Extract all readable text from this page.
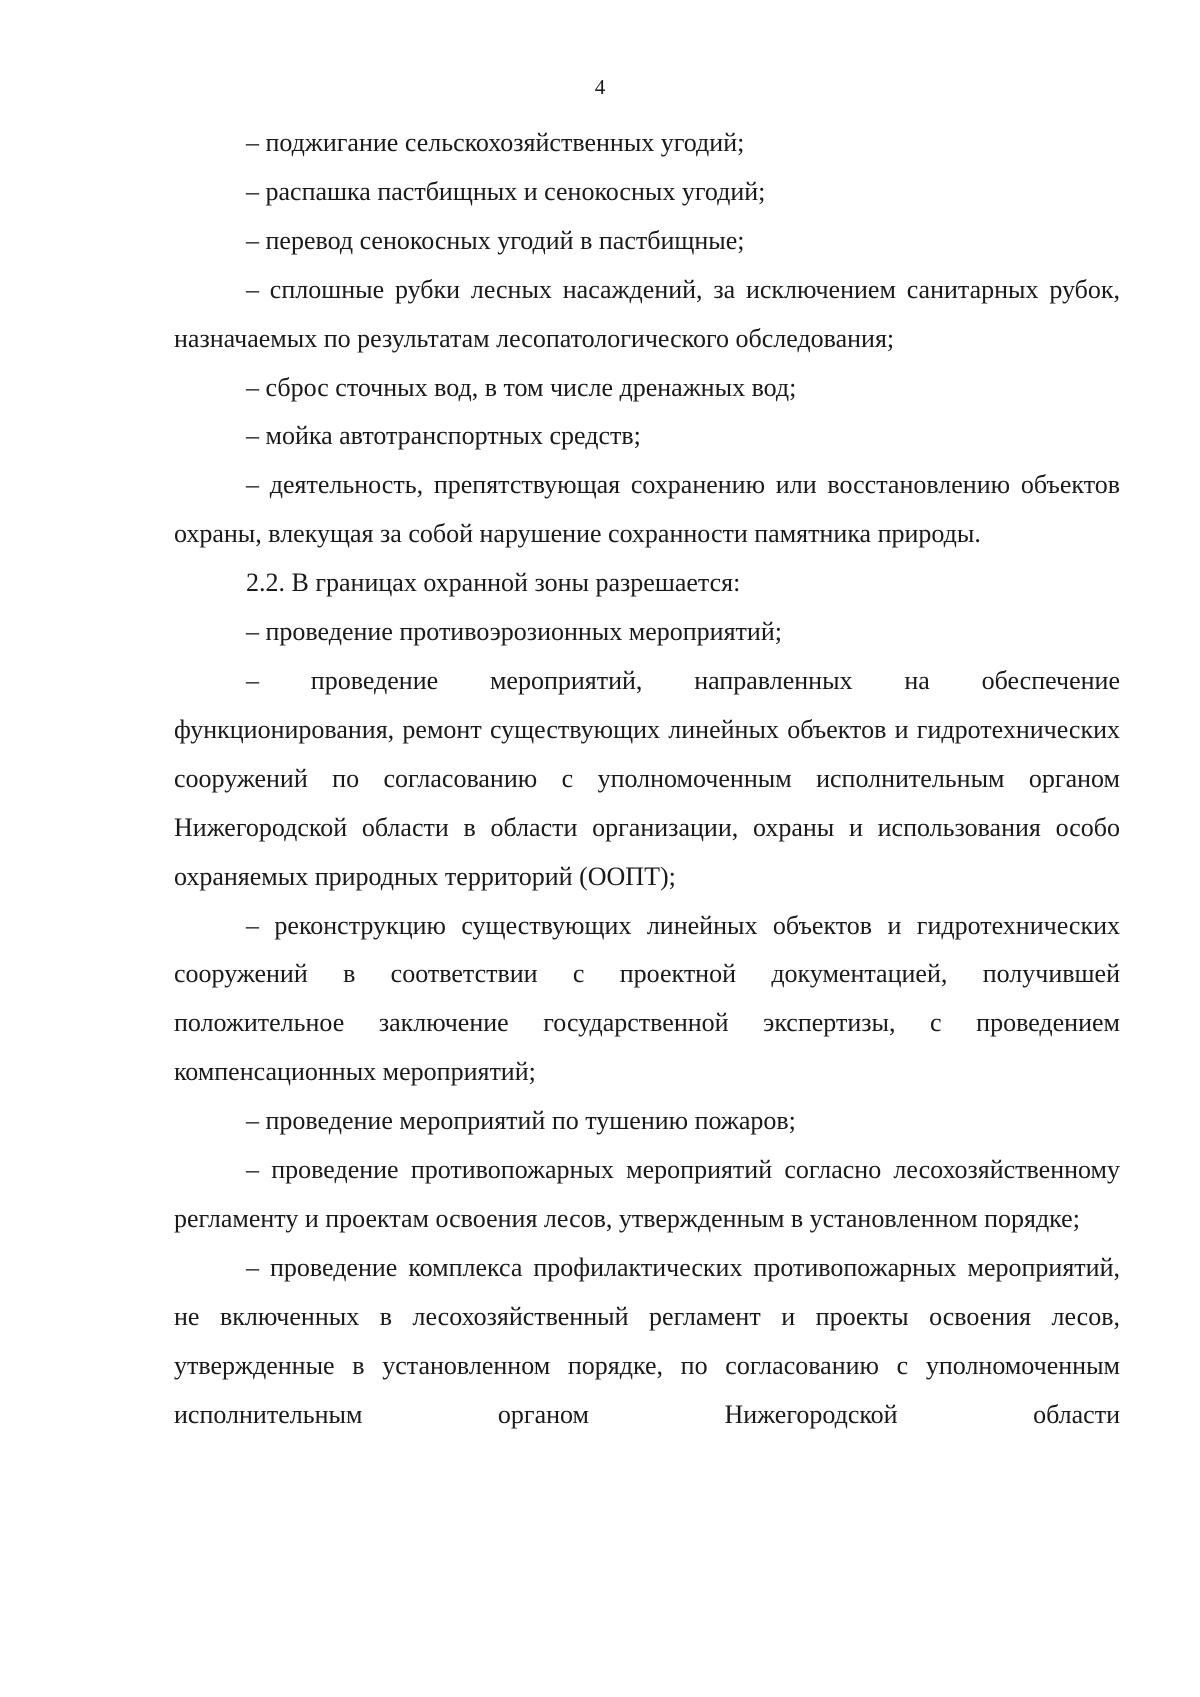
4

– поджигание сельскохозяйственных угодий;

– распашка пастбищных и сенокосных угодий;

– перевод сенокосных угодий в пастбищные;

– сплошные рубки лесных насаждений, за исключением санитарных рубок, назначаемых по результатам лесопатологического обследования;

– сброс сточных вод, в том числе дренажных вод;

– мойка автотранспортных средств;

– деятельность, препятствующая сохранению или восстановлению объектов охраны, влекущая за собой нарушение сохранности памятника природы.

2.2. В границах охранной зоны разрешается:

– проведение противоэрозионных мероприятий;

– проведение мероприятий, направленных на обеспечение функционирования, ремонт существующих линейных объектов и гидротехнических сооружений по согласованию с уполномоченным исполнительным органом Нижегородской области в области организации, охраны и использования особо охраняемых природных территорий (ООПТ);

– реконструкцию существующих линейных объектов и гидротехнических сооружений в соответствии с проектной документацией, получившей положительное заключение государственной экспертизы, с проведением компенсационных мероприятий;

– проведение мероприятий по тушению пожаров;

– проведение противопожарных мероприятий согласно лесохозяйственному регламенту и проектам освоения лесов, утвержденным в установленном порядке;

– проведение комплекса профилактических противопожарных мероприятий, не включенных в лесохозяйственный регламент и проекты освоения лесов, утвержденные в установленном порядке, по согласованию с уполномоченным исполнительным органом Нижегородской области
